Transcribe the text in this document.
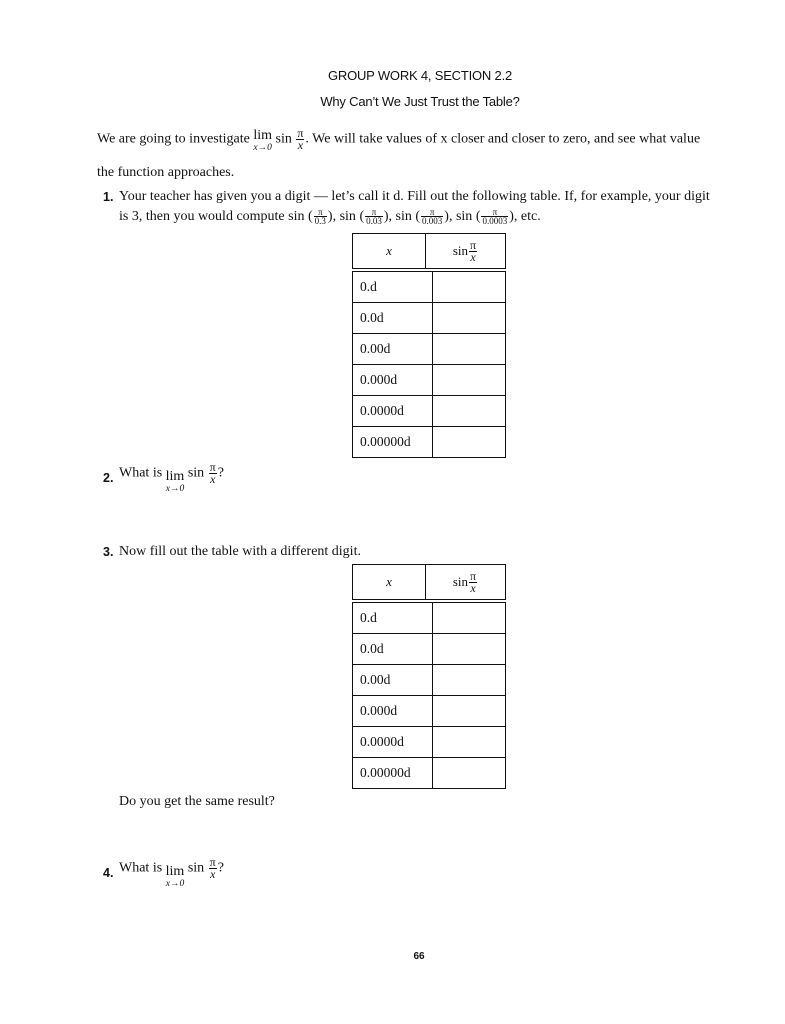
GROUP WORK 4, SECTION 2.2
Why Can’t We Just Trust the Table?
We are going to investigate lim
x→0
$\sin \frac{\pi}{x}$ . We will take values of x closer and closer to zero, and see what value
the function approaches.
1. Your teacher has given you a digit — let’s call it d. Fill out the following table. If, for example, your digit
is 3, then you would compute sin ( $\frac{\pi}{0.3}$ ), sin ( $\frac{\pi}{0.03}$ ), sin ( $\frac{\pi}{0.003}$ ), sin ( $\frac{\pi}{0.0003}$ ), etc.
x	$\sin \frac{\pi}{x}$
0.d
0.0d
0.00d
0.000d
0.0000d
0.00000d
2. What is lim
x→0
$\sin \frac{\pi}{x}$ ?
3. Now fill out the table with a different digit.
x	$\sin \frac{\pi}{x}$
0.d
0.0d
0.00d
0.000d
0.0000d
0.00000d
Do you get the same result?
4. What is lim
x→0
$\sin \frac{\pi}{x}$ ?
66
